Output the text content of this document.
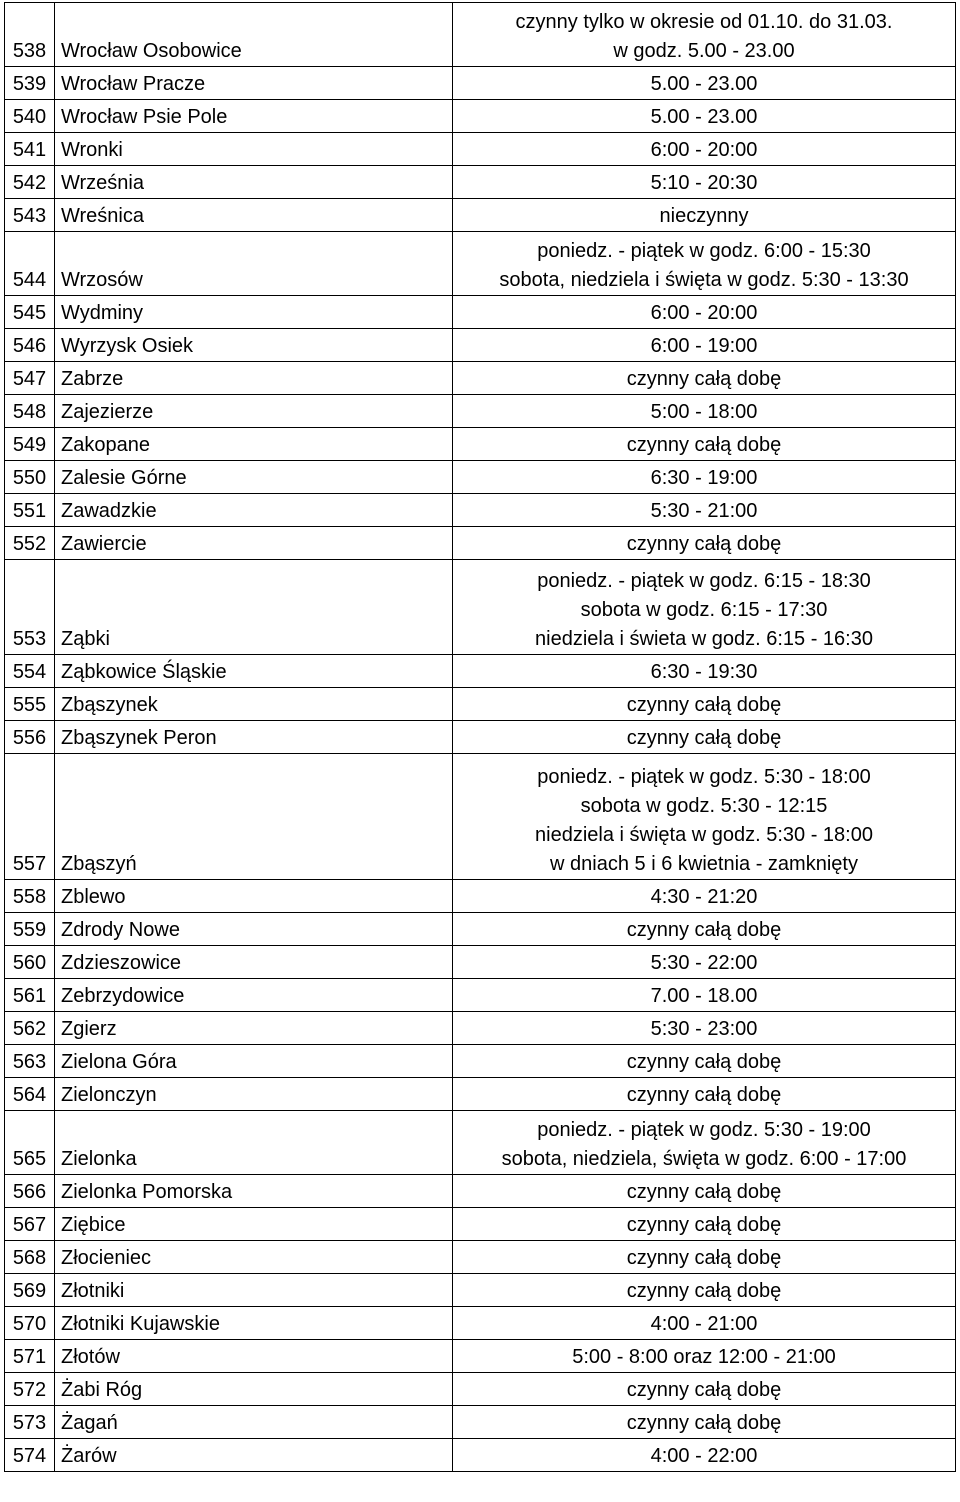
538	Wrocław Osobowice	czynny tylko w okresie od 01.10. do 31.03.
w godz. 5.00 - 23.00

539	Wrocław Pracze	5.00 - 23.00

540	Wrocław Psie Pole	5.00 - 23.00

541	Wronki	6:00 - 20:00

542	Września	5:10 - 20:30

543	Wreśnica	nieczynny

544	Wrzosów	poniedz. - piątek w godz. 6:00 - 15:30
sobota, niedziela i święta w godz. 5:30 - 13:30

545	Wydminy	6:00 - 20:00

546	Wyrzysk Osiek	6:00 - 19:00

547	Zabrze	czynny całą dobę

548	Zajezierze	5:00 - 18:00

549	Zakopane	czynny całą dobę

550	Zalesie Górne	6:30 - 19:00

551	Zawadzkie	5:30 - 21:00

552	Zawiercie	czynny całą dobę

553	Ząbki	poniedz. - piątek w godz. 6:15 - 18:30
sobota w godz. 6:15 - 17:30
niedziela i świeta w godz. 6:15 - 16:30

554	Ząbkowice Śląskie	6:30 - 19:30

555	Zbąszynek	czynny całą dobę

556	Zbąszynek Peron	czynny całą dobę

557	Zbąszyń	poniedz. - piątek w godz. 5:30 - 18:00
sobota w godz. 5:30 - 12:15
niedziela i święta w godz. 5:30 - 18:00
w dniach 5 i 6 kwietnia - zamknięty

558	Zblewo	4:30 - 21:20

559	Zdrody Nowe	czynny całą dobę

560	Zdzieszowice	5:30 - 22:00

561	Zebrzydowice	7.00 - 18.00

562	Zgierz	5:30 - 23:00

563	Zielona Góra	czynny całą dobę

564	Zielonczyn	czynny całą dobę

565	Zielonka	poniedz. - piątek w godz. 5:30 - 19:00
sobota, niedziela, święta w godz. 6:00 - 17:00

566	Zielonka Pomorska	czynny całą dobę

567	Ziębice	czynny całą dobę

568	Złocieniec	czynny całą dobę

569	Złotniki	czynny całą dobę

570	Złotniki Kujawskie	4:00 - 21:00

571	Złotów	5:00 - 8:00 oraz 12:00 - 21:00

572	Żabi Róg	czynny całą dobę

573	Żagań	czynny całą dobę

574	Żarów	4:00 - 22:00
